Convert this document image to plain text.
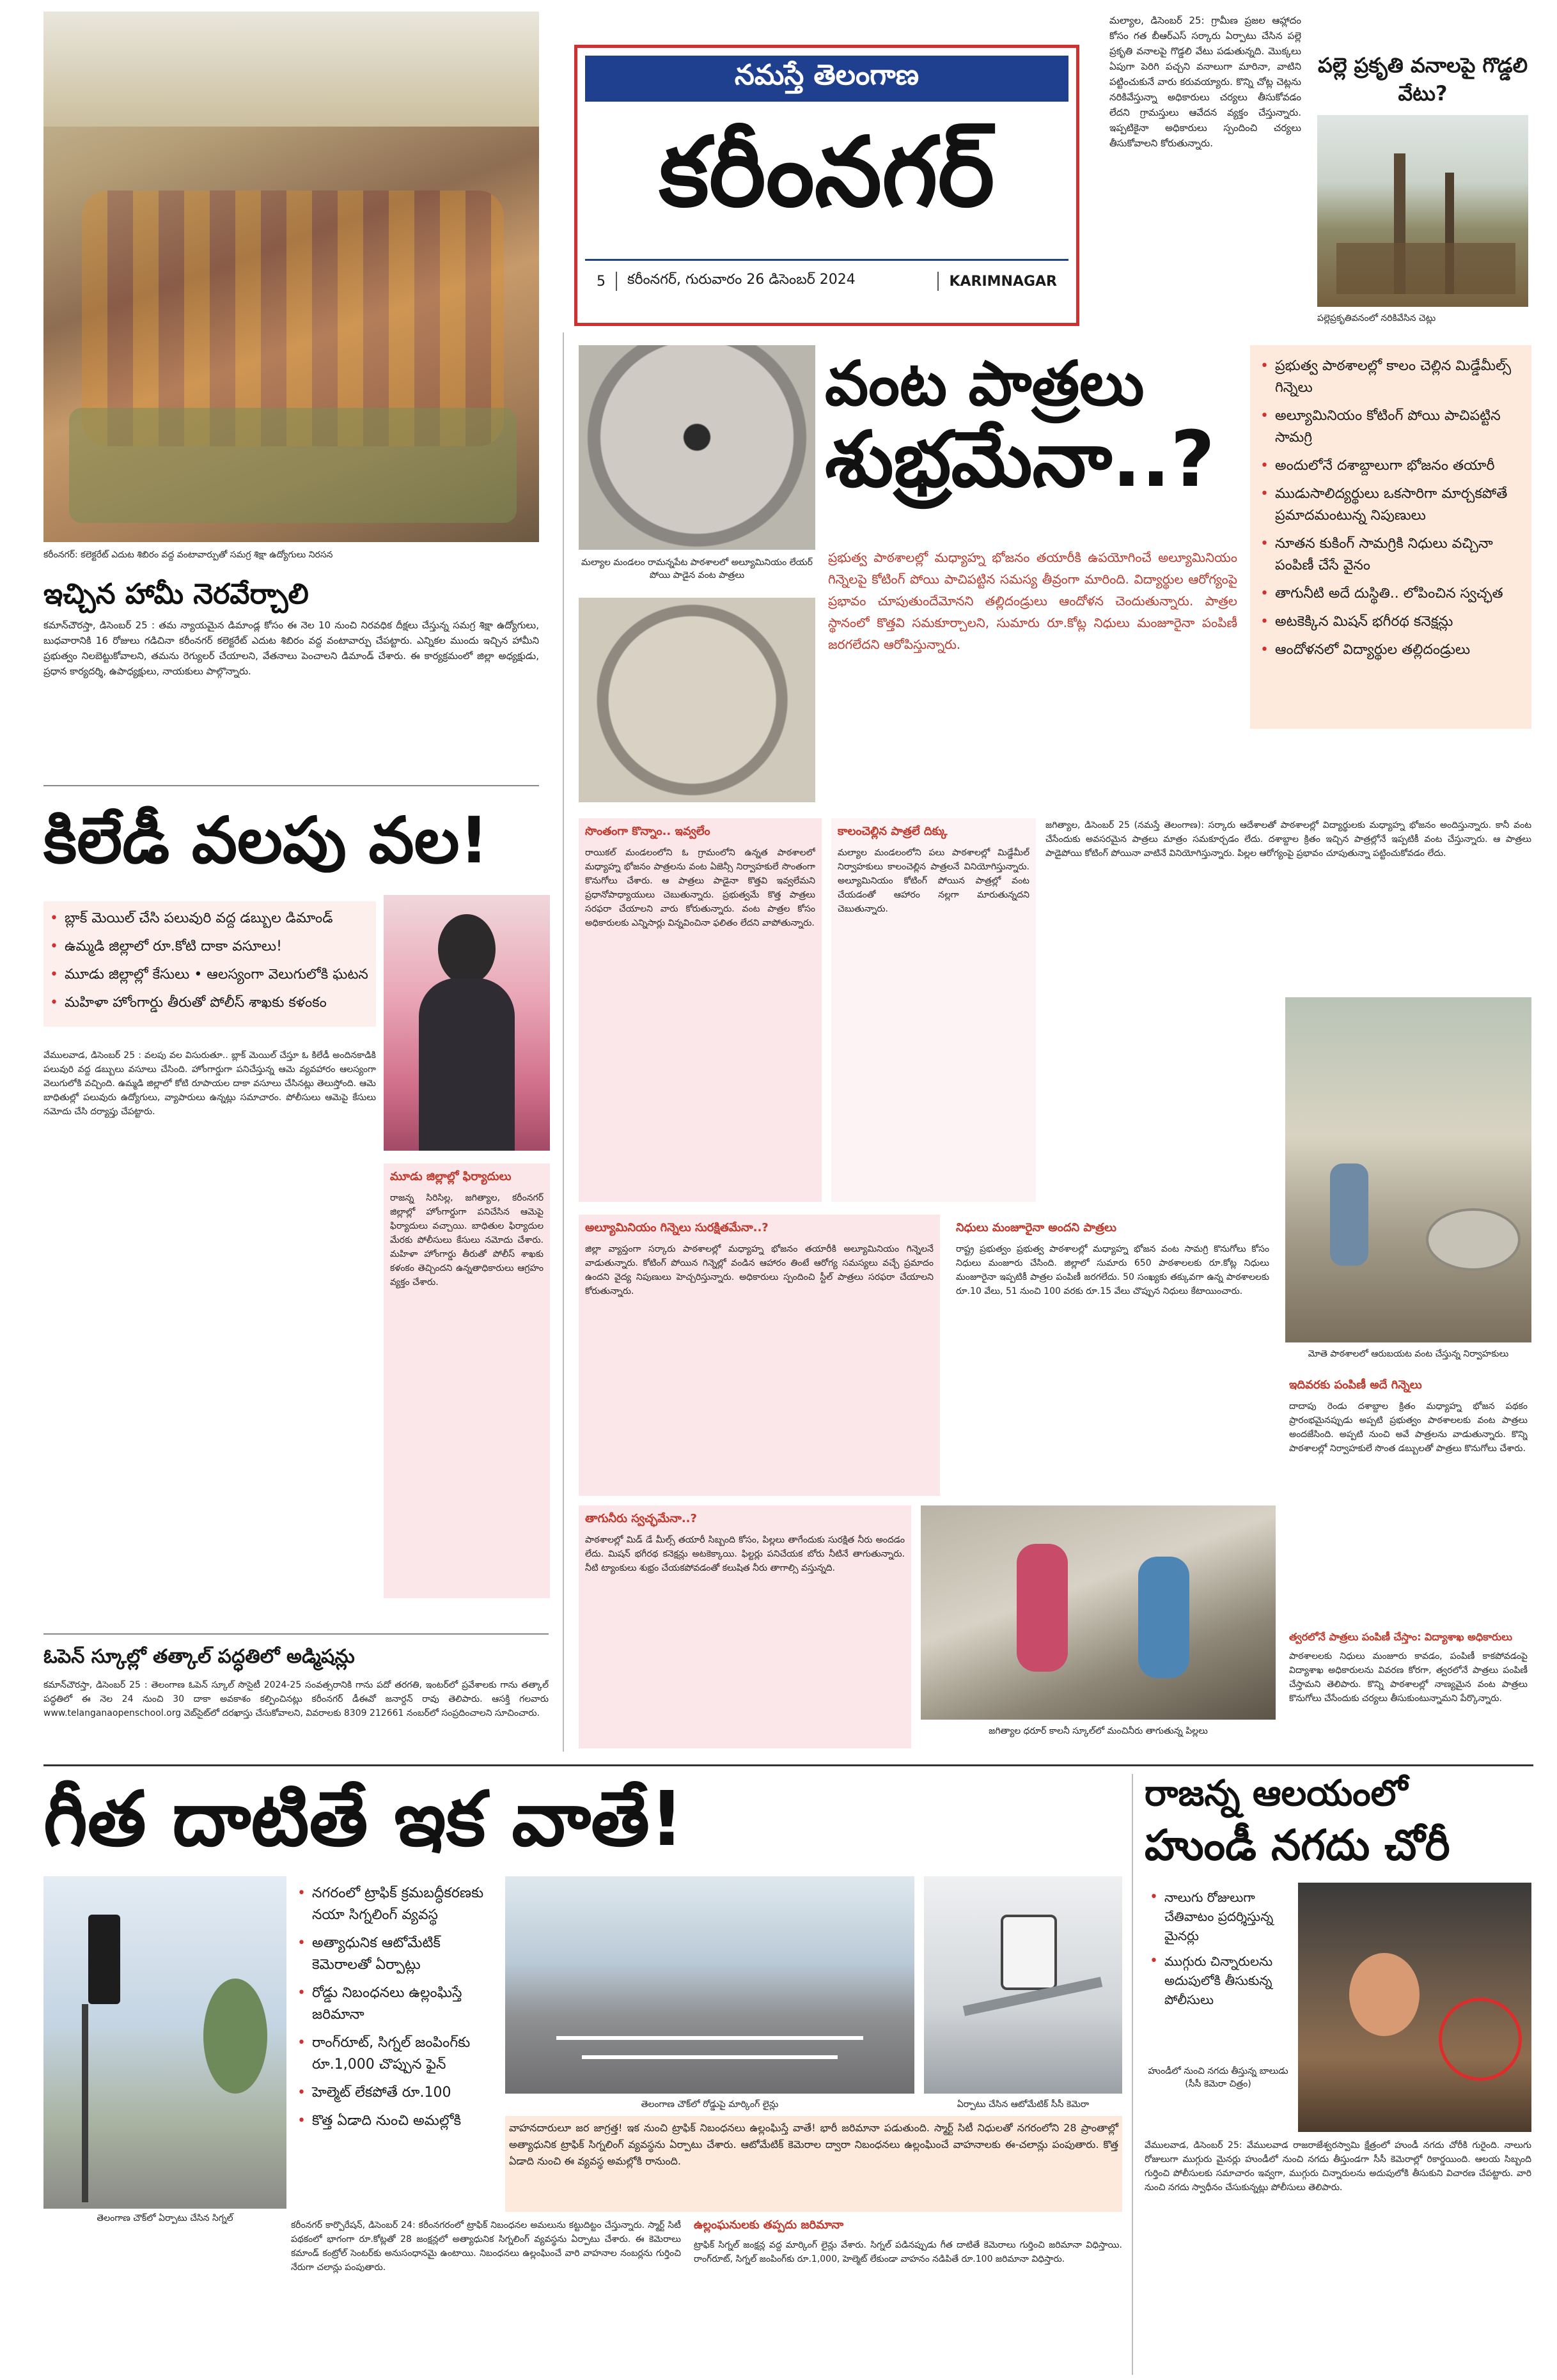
కరీంనగర్: కలెక్టరేట్ ఎదుట శిబిరం వద్ద వంటావార్పుతో సమగ్ర శిక్షా ఉద్యోగులు నిరసన
ఇచ్చిన హామీ నెరవేర్చాలి
కమాన్‌చౌరస్తా, డిసెంబర్ 25 : తమ న్యాయమైన డిమాండ్ల కోసం ఈ నెల 10 నుంచి నిరవధిక దీక్షలు చేస్తున్న సమగ్ర శిక్షా ఉద్యోగులు, బుధవారానికి 16 రోజులు గడిచినా కరీంనగర్ కలెక్టరేట్ ఎదుట శిబిరం వద్ద వంటావార్పు చేపట్టారు. ఎన్నికల ముందు ఇచ్చిన హామీని ప్రభుత్వం నిలబెట్టుకోవాలని, తమను రెగ్యులర్ చేయాలని, వేతనాలు పెంచాలని డిమాండ్ చేశారు. ఈ కార్యక్రమంలో జిల్లా అధ్యక్షుడు, ప్రధాన కార్యదర్శి, ఉపాధ్యక్షులు, నాయకులు పాల్గొన్నారు.
నమస్తే తెలంగాణ
కరీంనగర్
5 కరీంనగర్, గురువారం 26 డిసెంబర్ 2024	KARIMNAGAR
మల్యాల, డిసెంబర్ 25: గ్రామీణ ప్రజల ఆహ్లాదం కోసం గత బీఆర్ఎస్ సర్కారు ఏర్పాటు చేసిన పల్లె ప్రకృతి వనాలపై గొడ్డలి వేటు పడుతున్నది. మొక్కలు ఏపుగా పెరిగి పచ్చని వనాలుగా మారినా, వాటిని పట్టించుకునే వారు కరువయ్యారు. కొన్ని చోట్ల చెట్లను నరికివేస్తున్నా అధికారులు చర్యలు తీసుకోవడం లేదని గ్రామస్తులు ఆవేదన వ్యక్తం చేస్తున్నారు. ఇప్పటికైనా అధికారులు స్పందించి చర్యలు తీసుకోవాలని కోరుతున్నారు.
పల్లె ప్రకృతి వనాలపై గొడ్డలి వేటు?
పల్లెప్రకృతివనంలో నరికివేసిన చెట్లు
మల్యాల మండలం రామన్నపేట పాఠశాలలో అల్యూమినియం లేయర్ పోయి పాడైన వంట పాత్రలు
వంట పాత్రలు
శుభ్రమేనా..?
ప్రభుత్వ పాఠశాలల్లో మధ్యాహ్న భోజనం తయారీకి ఉపయోగించే అల్యూమినియం గిన్నెలపై కోటింగ్ పోయి పాచిపట్టిన సమస్య తీవ్రంగా మారింది. విద్యార్థుల ఆరోగ్యంపై ప్రభావం చూపుతుందేమోనని తల్లిదండ్రులు ఆందోళన చెందుతున్నారు. పాత్రల స్థానంలో కొత్తవి సమకూర్చాలని, సుమారు రూ.కోట్ల నిధులు మంజూరైనా పంపిణీ జరగలేదని ఆరోపిస్తున్నారు.
• ప్రభుత్వ పాఠశాలల్లో కాలం చెల్లిన మిడ్డేమీల్స్ గిన్నెలు
• అల్యూమినియం కోటింగ్ పోయి పాచిపట్టిన సామగ్రి
• అందులోనే దశాబ్దాలుగా భోజనం తయారీ
• ముడుసాలిద్యర్థులు ఒకసారిగా మార్చకపోతే ప్రమాదమంటున్న నిపుణులు
• నూతన కుకింగ్ సామగ్రికి నిధులు వచ్చినా పంపిణీ చేసే వైనం
• తాగునీటి అదే దుస్థితి.. లోపించిన స్వచ్ఛత
• అటకెక్కిన మిషన్ భగీరథ కనెక్షన్లు
• ఆందోళనలో విద్యార్థుల తల్లిదండ్రులు
సొంతంగా కొన్నాం.. ఇవ్వలేం
రాయికల్ మండలంలోని ఓ గ్రామంలోని ఉన్నత పాఠశాలలో మధ్యాహ్న భోజనం పాత్రలను వంట ఏజెన్సీ నిర్వాహకులే సొంతంగా కొనుగోలు చేశారు. ఆ పాత్రలు పాడైనా కొత్తవి ఇవ్వలేమని ప్రధానోపాధ్యాయులు చెబుతున్నారు. ప్రభుత్వమే కొత్త పాత్రలు సరఫరా చేయాలని వారు కోరుతున్నారు. వంట పాత్రల కోసం అధికారులకు ఎన్నిసార్లు విన్నవించినా ఫలితం లేదని వాపోతున్నారు.
కాలంచెల్లిన పాత్రలే దిక్కు
మల్యాల మండలంలోని పలు పాఠశాలల్లో మిడ్డేమీల్ నిర్వాహకులు కాలంచెల్లిన పాత్రలనే వినియోగిస్తున్నారు. అల్యూమినియం కోటింగ్ పోయిన పాత్రల్లో వంట చేయడంతో ఆహారం నల్లగా మారుతున్నదని చెబుతున్నారు.
జగిత్యాల, డిసెంబర్ 25 (నమస్తే తెలంగాణ): సర్కారు ఆదేశాలతో పాఠశాలల్లో విద్యార్థులకు మధ్యాహ్న భోజనం అందిస్తున్నారు. కానీ వంట చేసేందుకు అవసరమైన పాత్రలు మాత్రం సమకూర్చడం లేదు. దశాబ్దాల క్రితం ఇచ్చిన పాత్రల్లోనే ఇప్పటికీ వంట చేస్తున్నారు. ఆ పాత్రలు పాడైపోయి కోటింగ్ పోయినా వాటినే వినియోగిస్తున్నారు. పిల్లల ఆరోగ్యంపై ప్రభావం చూపుతున్నా పట్టించుకోవడం లేదు.
మోతె పాఠశాలలో ఆరుబయట వంట చేస్తున్న నిర్వాహకులు
అల్యూమినియం గిన్నెలు సురక్షితమేనా..?
జిల్లా వ్యాప్తంగా సర్కారు పాఠశాలల్లో మధ్యాహ్న భోజనం తయారీకి అల్యూమినియం గిన్నెలనే వాడుతున్నారు. కోటింగ్ పోయిన గిన్నెల్లో వండిన ఆహారం తింటే ఆరోగ్య సమస్యలు వచ్చే ప్రమాదం ఉందని వైద్య నిపుణులు హెచ్చరిస్తున్నారు. అధికారులు స్పందించి స్టీల్ పాత్రలు సరఫరా చేయాలని కోరుతున్నారు.
నిధులు మంజూరైనా అందని పాత్రలు
రాష్ట్ర ప్రభుత్వం ప్రభుత్వ పాఠశాలల్లో మధ్యాహ్న భోజన వంట సామగ్రి కొనుగోలు కోసం నిధులు మంజూరు చేసింది. జిల్లాలో సుమారు 650 పాఠశాలలకు రూ.కోట్ల నిధులు మంజూరైనా ఇప్పటికీ పాత్రల పంపిణీ జరగలేదు. 50 సంఖ్యకు తక్కువగా ఉన్న పాఠశాలలకు రూ.10 వేలు, 51 నుంచి 100 వరకు రూ.15 వేలు చొప్పున నిధులు కేటాయించారు.
ఇదివరకు పంపిణీ అదే గిన్నెలు
దాదాపు రెండు దశాబ్దాల క్రితం మధ్యాహ్న భోజన పథకం ప్రారంభమైనప్పుడు అప్పటి ప్రభుత్వం పాఠశాలలకు వంట పాత్రలు అందజేసింది. అప్పటి నుంచి అవే పాత్రలను వాడుతున్నారు. కొన్ని పాఠశాలల్లో నిర్వాహకులే సొంత డబ్బులతో పాత్రలు కొనుగోలు చేశారు.
తాగునీరు స్వచ్ఛమేనా..?
పాఠశాలల్లో మిడ్ డే మీల్స్ తయారీ సిబ్బంది కోసం, పిల్లలు తాగేందుకు సురక్షిత నీరు అందడం లేదు. మిషన్ భగీరథ కనెక్షన్లు అటకెక్కాయి. ఫిల్టర్లు పనిచేయక బోరు నీటినే తాగుతున్నారు. నీటి ట్యాంకులు శుభ్రం చేయకపోవడంతో కలుషిత నీరు తాగాల్సి వస్తున్నది.
జగిత్యాల ధరూర్ కాలనీ స్కూల్‌లో మంచినీరు తాగుతున్న పిల్లలు
త్వరలోనే పాత్రలు పంపిణీ చేస్తాం: విద్యాశాఖ అధికారులు
పాఠశాలలకు నిధులు మంజూరు కావడం, పంపిణీ కాకపోవడంపై విద్యాశాఖ అధికారులను వివరణ కోరగా, త్వరలోనే పాత్రలు పంపిణీ చేస్తామని తెలిపారు. కొన్ని పాఠశాలల్లో నాణ్యమైన వంట పాత్రలు కొనుగోలు చేసేందుకు చర్యలు తీసుకుంటున్నామని పేర్కొన్నారు.
కిలేడీ వలపు వల!
• బ్లాక్ మెయిల్ చేసి పలువురి వద్ద డబ్బుల డిమాండ్
• ఉమ్మడి జిల్లాలో రూ.కోటి దాకా వసూలు!
• మూడు జిల్లాల్లో కేసులు • ఆలస్యంగా వెలుగులోకి ఘటన
• మహిళా హోంగార్డు తీరుతో పోలీస్ శాఖకు కళంకం
వేములవాడ, డిసెంబర్ 25 : వలపు వల విసురుతూ.. బ్లాక్ మెయిల్ చేస్తూ ఓ కిలేడీ అందినకాడికి పలువురి వద్ద డబ్బులు వసూలు చేసింది. హోంగార్డుగా పనిచేస్తున్న ఆమె వ్యవహారం ఆలస్యంగా వెలుగులోకి వచ్చింది. ఉమ్మడి జిల్లాలో కోటి రూపాయల దాకా వసూలు చేసినట్లు తెలుస్తోంది. ఆమె బాధితుల్లో పలువురు ఉద్యోగులు, వ్యాపారులు ఉన్నట్లు సమాచారం. పోలీసులు ఆమెపై కేసులు నమోదు చేసి దర్యాప్తు చేపట్టారు.
మూడు జిల్లాల్లో ఫిర్యాదులు
రాజన్న సిరిసిల్ల, జగిత్యాల, కరీంనగర్ జిల్లాల్లో హోంగార్డుగా పనిచేసిన ఆమెపై ఫిర్యాదులు వచ్చాయి. బాధితుల ఫిర్యాదుల మేరకు పోలీసులు కేసులు నమోదు చేశారు. మహిళా హోంగార్డు తీరుతో పోలీస్ శాఖకు కళంకం తెచ్చిందని ఉన్నతాధికారులు ఆగ్రహం వ్యక్తం చేశారు.
ఓపెన్ స్కూల్లో తత్కాల్ పద్ధతిలో అడ్మిషన్లు
కమాన్‌చౌరస్తా, డిసెంబర్ 25 : తెలంగాణ ఓపెన్ స్కూల్ సొసైటీ 2024-25 సంవత్సరానికి గాను పదో తరగతి, ఇంటర్‌లో ప్రవేశాలకు గాను తత్కాల్ పద్ధతిలో ఈ నెల 24 నుంచి 30 దాకా అవకాశం కల్పించినట్లు కరీంనగర్ డీఈవో జనార్దన్ రావు తెలిపారు. ఆసక్తి గలవారు www.telanganaopenschool.org వెబ్‌సైట్‌లో దరఖాస్తు చేసుకోవాలని, వివరాలకు 8309 212661 నంబర్‌లో సంప్రదించాలని సూచించారు.
గీత దాటితే ఇక వాతే!
తెలంగాణ చౌక్‌లో ఏర్పాటు చేసిన సిగ్నల్
• నగరంలో ట్రాఫిక్ క్రమబద్ధీకరణకు నయా సిగ్నలింగ్ వ్యవస్థ
• అత్యాధునిక ఆటోమేటిక్ కెమెరాలతో ఏర్పాట్లు
• రోడ్డు నిబంధనలు ఉల్లంఘిస్తే జరిమానా
• రాంగ్‌రూట్, సిగ్నల్ జంపింగ్‌కు రూ.1,000 చొప్పున ఫైన్
• హెల్మెట్ లేకపోతే రూ.100
• కొత్త ఏడాది నుంచి అమల్లోకి
తెలంగాణ చౌక్‌లో రోడ్డుపై మార్కింగ్ లైన్లు	ఏర్పాటు చేసిన ఆటోమేటిక్ సీసీ కెమెరా
వాహనదారులూ జర జాగ్రత్త! ఇక నుంచి ట్రాఫిక్ నిబంధనలు ఉల్లంఘిస్తే వాతే! భారీ జరిమానా పడుతుంది. స్మార్ట్ సిటీ నిధులతో నగరంలోని 28 ప్రాంతాల్లో అత్యాధునిక ట్రాఫిక్ సిగ్నలింగ్ వ్యవస్థను ఏర్పాటు చేశారు. ఆటోమేటిక్ కెమెరాల ద్వారా నిబంధనలు ఉల్లంఘించే వాహనాలకు ఈ-చలాన్లు పంపుతారు. కొత్త ఏడాది నుంచి ఈ వ్యవస్థ అమల్లోకి రానుంది.
కరీంనగర్ కార్పొరేషన్, డిసెంబర్ 24: కరీంనగరంలో ట్రాఫిక్ నిబంధనల అమలును కట్టుదిట్టం చేస్తున్నారు. స్మార్ట్ సిటీ పథకంలో భాగంగా రూ.కోట్లతో 28 జంక్షన్లలో అత్యాధునిక సిగ్నలింగ్ వ్యవస్థను ఏర్పాటు చేశారు. ఈ కెమెరాలు కమాండ్ కంట్రోల్ సెంటర్‌కు అనుసంధానమై ఉంటాయి. నిబంధనలు ఉల్లంఘించే వారి వాహనాల నంబర్లను గుర్తించి నేరుగా చలాన్లు పంపుతారు.
ఉల్లంఘనులకు తప్పదు జరిమానా
ట్రాఫిక్ సిగ్నల్ జంక్షన్ల వద్ద మార్కింగ్ లైన్లు వేశారు. సిగ్నల్ పడినప్పుడు గీత దాటితే కెమెరాలు గుర్తించి జరిమానా విధిస్తాయి. రాంగ్‌రూట్, సిగ్నల్ జంపింగ్‌కు రూ.1,000, హెల్మెట్ లేకుండా వాహనం నడిపితే రూ.100 జరిమానా విధిస్తారు.
రాజన్న ఆలయంలో
హుండీ నగదు చోరీ
• నాలుగు రోజులుగా చేతివాటం ప్రదర్శిస్తున్న మైనర్లు
• ముగ్గురు చిన్నారులను అదుపులోకి తీసుకున్న పోలీసులు
హుండీలో నుంచి నగదు తీస్తున్న బాలుడు (సీసీ కెమెరా చిత్రం)
వేములవాడ, డిసెంబర్ 25: వేములవాడ రాజరాజేశ్వరస్వామి క్షేత్రంలో హుండీ నగదు చోరీకి గురైంది. నాలుగు రోజులుగా ముగ్గురు మైనర్లు హుండీలో నుంచి నగదు తీస్తుండగా సీసీ కెమెరాల్లో రికార్డయింది. ఆలయ సిబ్బంది గుర్తించి పోలీసులకు సమాచారం ఇవ్వగా, ముగ్గురు చిన్నారులను అదుపులోకి తీసుకుని విచారణ చేపట్టారు. వారి నుంచి నగదు స్వాధీనం చేసుకున్నట్లు పోలీసులు తెలిపారు.
